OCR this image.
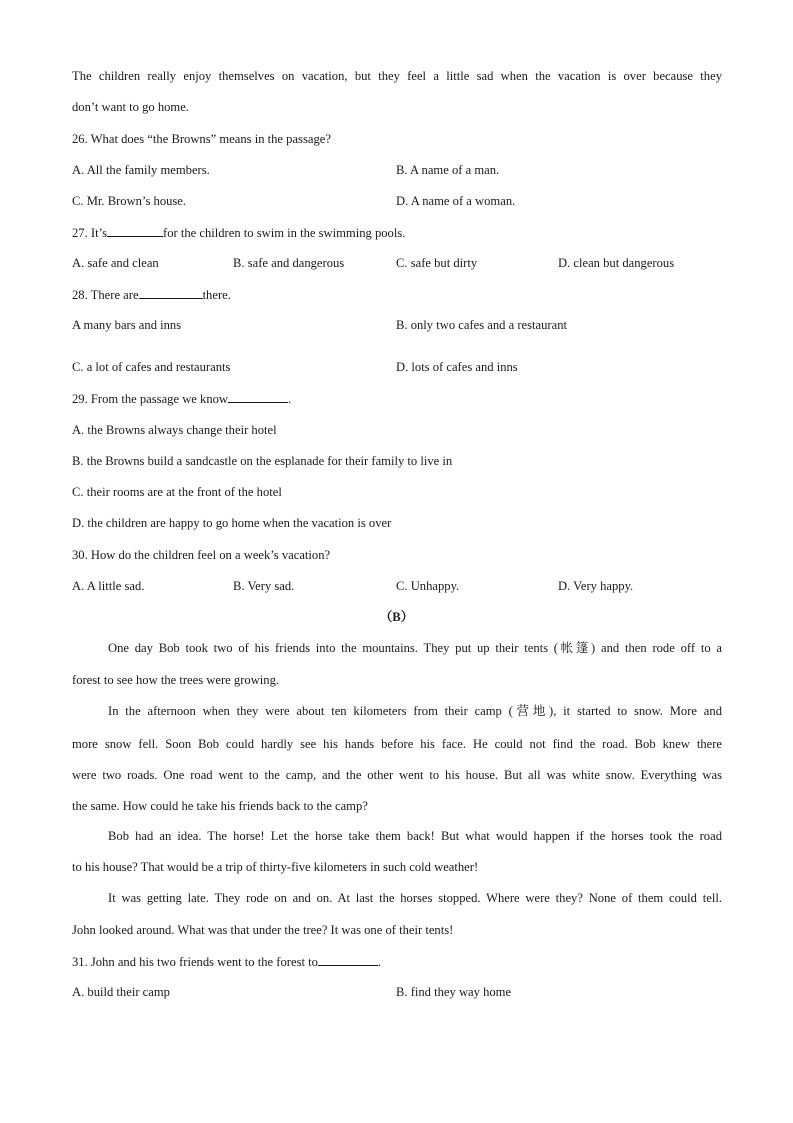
The children really enjoy themselves on vacation, but they feel a little sad when the vacation is over because they
don’t want to go home.
26. What does “the Browns” means in the passage?
A. All the family members.	B. A name of a man.
C. Mr. Brown’s house.	D. A name of a woman.
27. It’s	for the children to swim in the swimming pools.
A. safe and clean	B. safe and dangerous	C. safe but dirty	D. clean but dangerous
28. There are	there.
A many bars and inns	B. only two cafes and a restaurant
C. a lot of cafes and restaurants	D. lots of cafes and inns
29. From the passage we know	.
A. the Browns always change their hotel
B. the Browns build a sandcastle on the esplanade for their family to live in
C. their rooms are at the front of the hotel
D. the children are happy to go home when the vacation is over
30. How do the children feel on a week’s vacation?
A. A little sad.	B. Very sad.	C. Unhappy.	D. Very happy.
（B）
One day Bob took two of his friends into the mountains. They put up their tents (帐篷) and then rode off to a
forest to see how the trees were growing.
In the afternoon when they were about ten kilometers from their camp (营地), it started to snow. More and
more snow fell. Soon Bob could hardly see his hands before his face. He could not find the road. Bob knew there
were two roads. One road went to the camp, and the other went to his house. But all was white snow. Everything was
the same. How could he take his friends back to the camp?
Bob had an idea. The horse! Let the horse take them back! But what would happen if the horses took the road
to his house? That would be a trip of thirty-five kilometers in such cold weather!
It was getting late. They rode on and on. At last the horses stopped. Where were they? None of them could tell.
John looked around. What was that under the tree? It was one of their tents!
31. John and his two friends went to the forest to	.
A. build their camp	B. find they way home
